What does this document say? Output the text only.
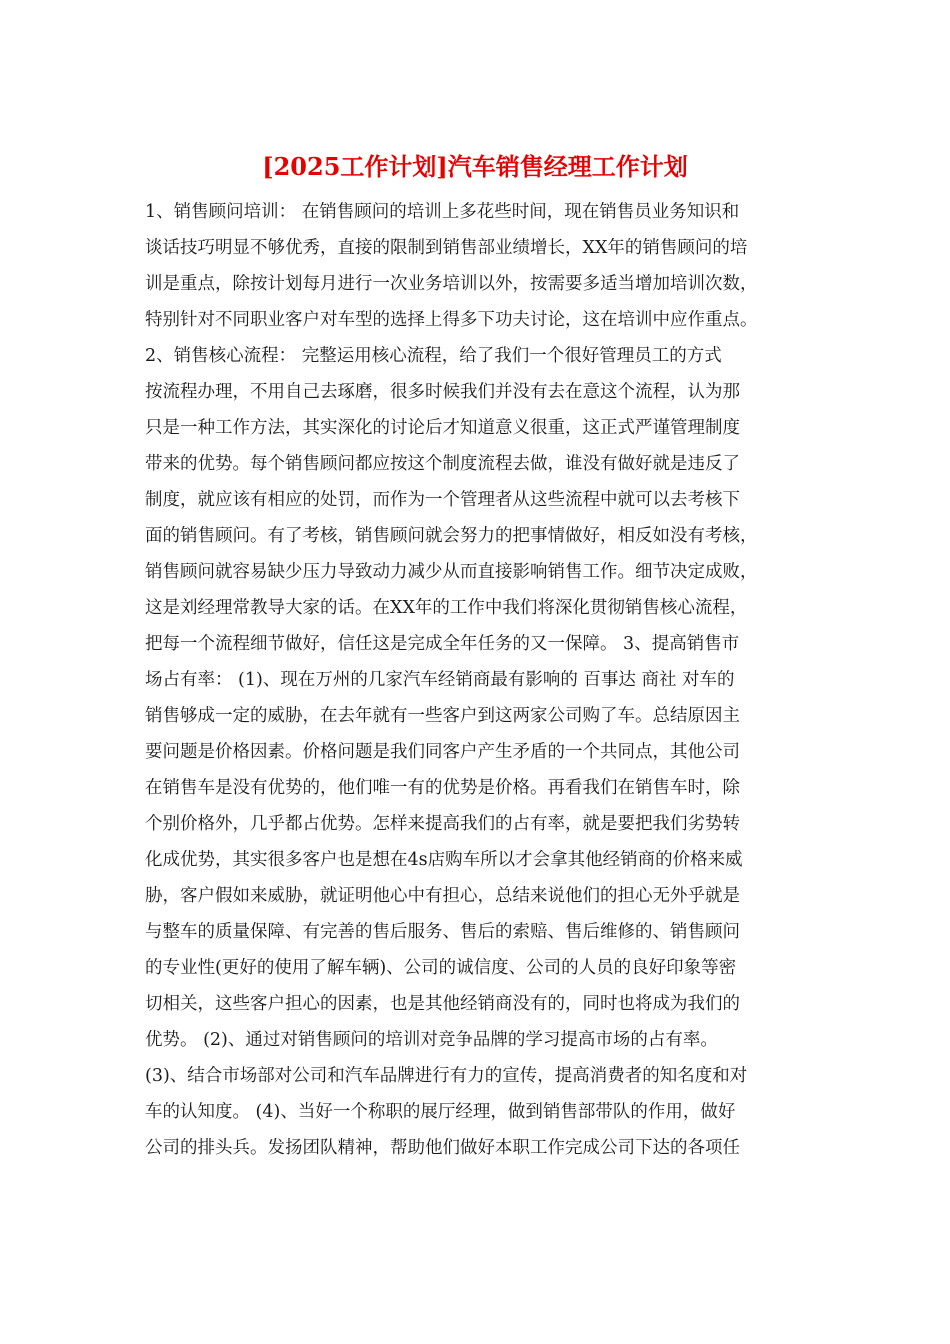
[2025工作计划]汽车销售经理工作计划
1、销售顾问培训： 在销售顾问的培训上多花些时间，现在销售员业务知识和
谈话技巧明显不够优秀，直接的限制到销售部业绩增长，XX年的销售顾问的培
训是重点，除按计划每月进行一次业务培训以外，按需要多适当增加培训次数，
特别针对不同职业客户对车型的选择上得多下功夫讨论，这在培训中应作重点。
2、销售核心流程： 完整运用核心流程，给了我们一个很好管理员工的方式
按流程办理，不用自己去琢磨，很多时候我们并没有去在意这个流程，认为那
只是一种工作方法，其实深化的讨论后才知道意义很重，这正式严谨管理制度
带来的优势。每个销售顾问都应按这个制度流程去做，谁没有做好就是违反了
制度，就应该有相应的处罚，而作为一个管理者从这些流程中就可以去考核下
面的销售顾问。有了考核，销售顾问就会努力的把事情做好，相反如没有考核，
销售顾问就容易缺少压力导致动力减少从而直接影响销售工作。细节决定成败，
这是刘经理常教导大家的话。在XX年的工作中我们将深化贯彻销售核心流程，
把每一个流程细节做好，信任这是完成全年任务的又一保障。 3、提高销售市
场占有率： (1)、现在万州的几家汽车经销商最有影响的 百事达 商社 对车的
销售够成一定的威胁，在去年就有一些客户到这两家公司购了车。总结原因主
要问题是价格因素。价格问题是我们同客户产生矛盾的一个共同点，其他公司
在销售车是没有优势的，他们唯一有的优势是价格。再看我们在销售车时，除
个别价格外，几乎都占优势。怎样来提高我们的占有率，就是要把我们劣势转
化成优势，其实很多客户也是想在4s店购车所以才会拿其他经销商的价格来威
胁，客户假如来威胁，就证明他心中有担心，总结来说他们的担心无外乎就是
与整车的质量保障、有完善的售后服务、售后的索赔、售后维修的、销售顾问
的专业性(更好的使用了解车辆)、公司的诚信度、公司的人员的良好印象等密
切相关，这些客户担心的因素，也是其他经销商没有的，同时也将成为我们的
优势。 (2)、通过对销售顾问的培训对竞争品牌的学习提高市场的占有率。
(3)、结合市场部对公司和汽车品牌进行有力的宣传，提高消费者的知名度和对
车的认知度。 (4)、当好一个称职的展厅经理，做到销售部带队的作用，做好
公司的排头兵。发扬团队精神，帮助他们做好本职工作完成公司下达的各项任
